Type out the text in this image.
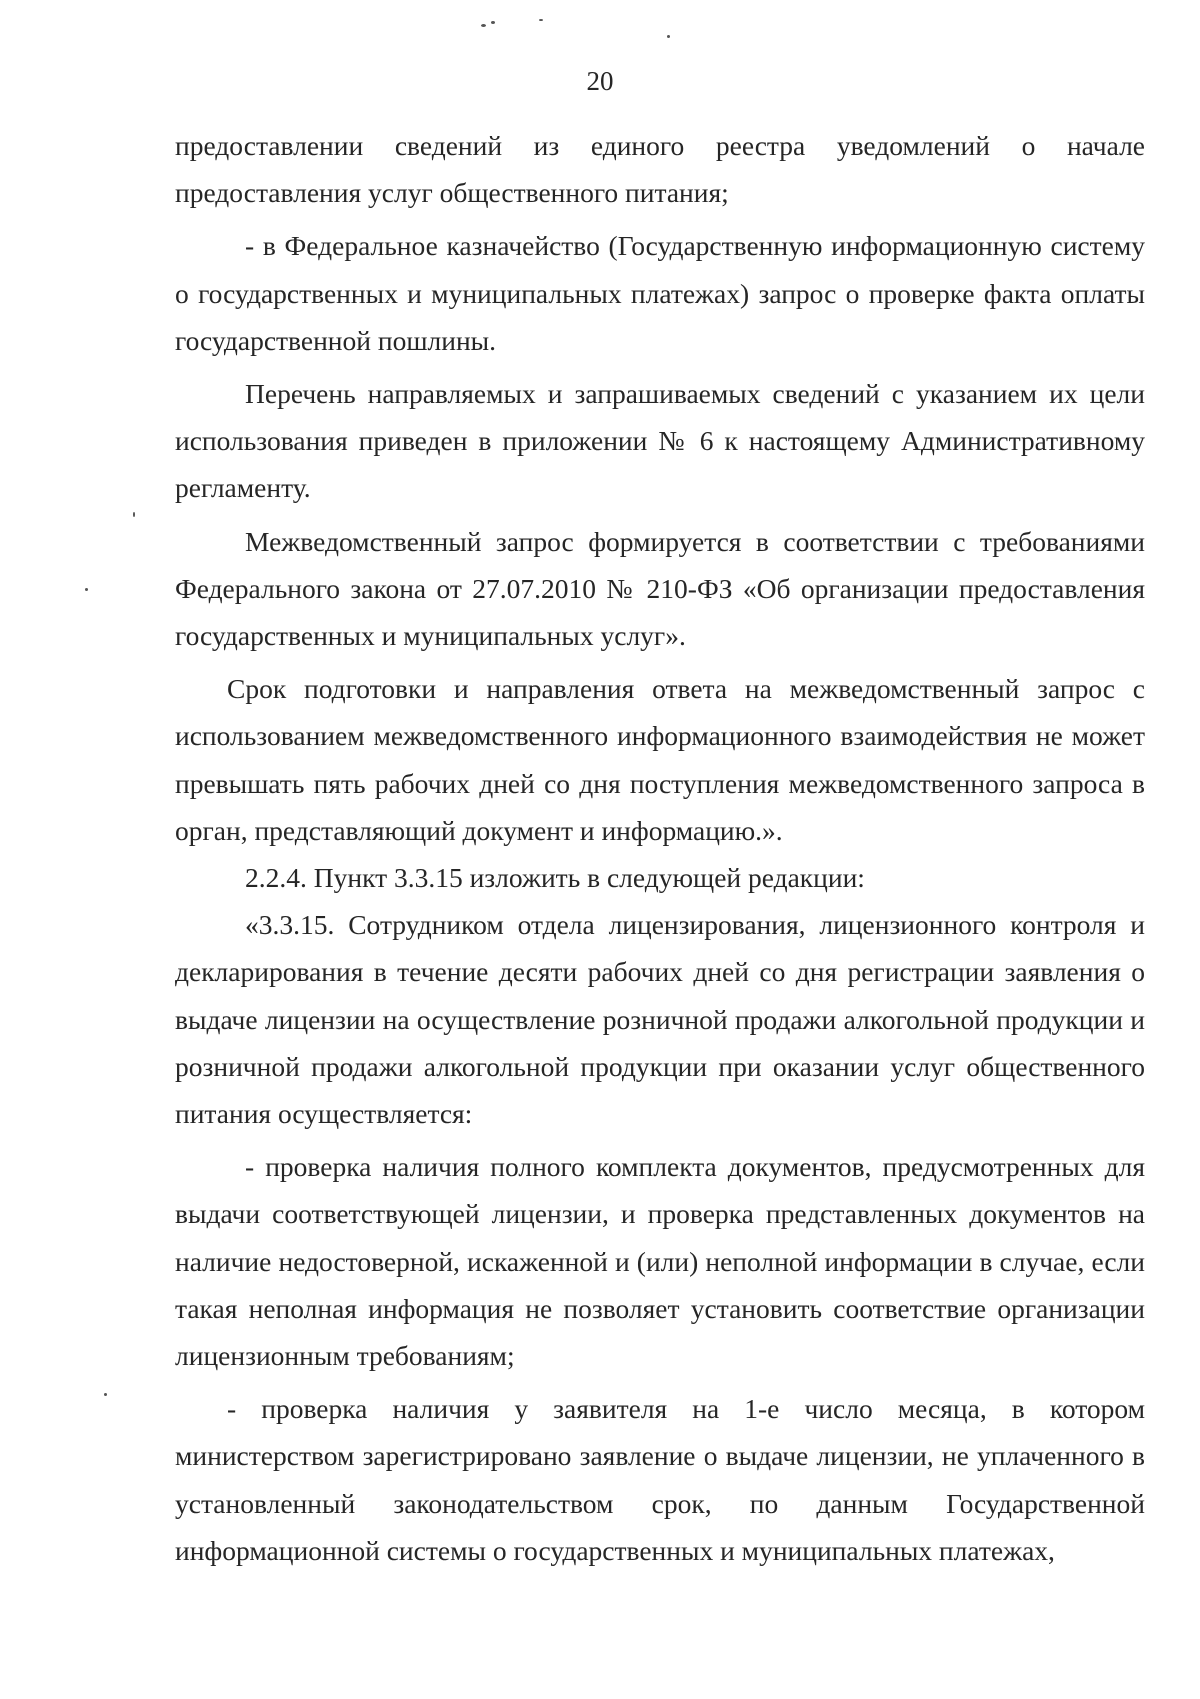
20

предоставлении сведений из единого реестра уведомлений о начале предоставления услуг общественного питания;

- в Федеральное казначейство (Государственную информационную систему о государственных и муниципальных платежах) запрос о проверке факта оплаты государственной пошлины.

Перечень направляемых и запрашиваемых сведений с указанием их цели использования приведен в приложении № 6 к настоящему Административному регламенту.

Межведомственный запрос формируется в соответствии с требованиями Федерального закона от 27.07.2010 № 210-ФЗ «Об организации предоставления государственных и муниципальных услуг».

Срок подготовки и направления ответа на межведомственный запрос с использованием межведомственного информационного взаимодействия не может превышать пять рабочих дней со дня поступления межведомственного запроса в орган, представляющий документ и информацию.».

2.2.4. Пункт 3.3.15 изложить в следующей редакции:

«3.3.15. Сотрудником отдела лицензирования, лицензионного контроля и декларирования в течение десяти рабочих дней со дня регистрации заявления о выдаче лицензии на осуществление розничной продажи алкогольной продукции и розничной продажи алкогольной продукции при оказании услуг общественного питания осуществляется:

- проверка наличия полного комплекта документов, предусмотренных для выдачи соответствующей лицензии, и проверка представленных документов на наличие недостоверной, искаженной и (или) неполной информации в случае, если такая неполная информация не позволяет установить соответствие организации лицензионным требованиям;

- проверка наличия у заявителя на 1-е число месяца, в котором министерством зарегистрировано заявление о выдаче лицензии, не уплаченного в установленный законодательством срок, по данным Государственной информационной системы о государственных и муниципальных платежах,
